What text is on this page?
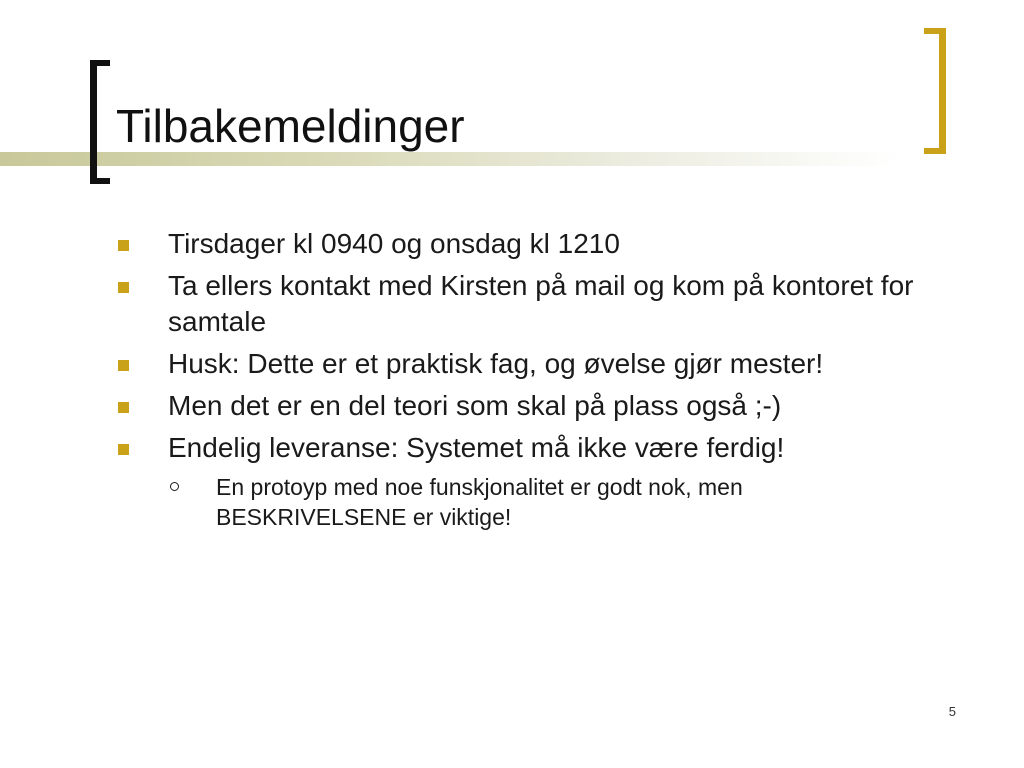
Tilbakemeldinger
Tirsdager kl 0940 og onsdag kl 1210
Ta ellers kontakt med Kirsten på mail og kom på kontoret for samtale
Husk: Dette er et praktisk fag, og øvelse gjør mester!
Men det er en del teori som skal på plass også ;-)
Endelig leveranse: Systemet må ikke være ferdig!
En protoyp med noe funskjonalitet er godt nok, men BESKRIVELSENE er viktige!
5
